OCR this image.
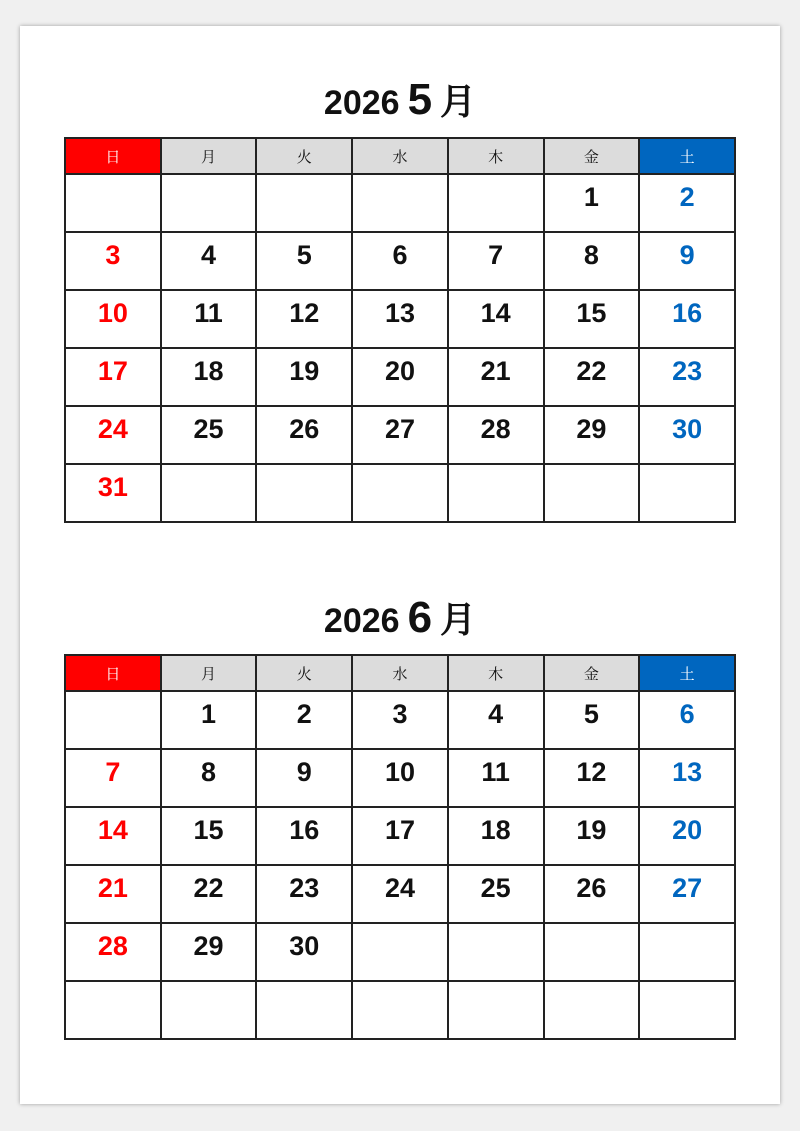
2026 5 月
日	月	火	水	木	金	土

					1	2

3	4	5	6	7	8	9

10	11	12	13	14	15	16

17	18	19	20	21	22	23

24	25	26	27	28	29	30

31						

2026 6 月
日	月	火	水	木	金	土

	1	2	3	4	5	6

7	8	9	10	11	12	13

14	15	16	17	18	19	20

21	22	23	24	25	26	27

28	29	30				
